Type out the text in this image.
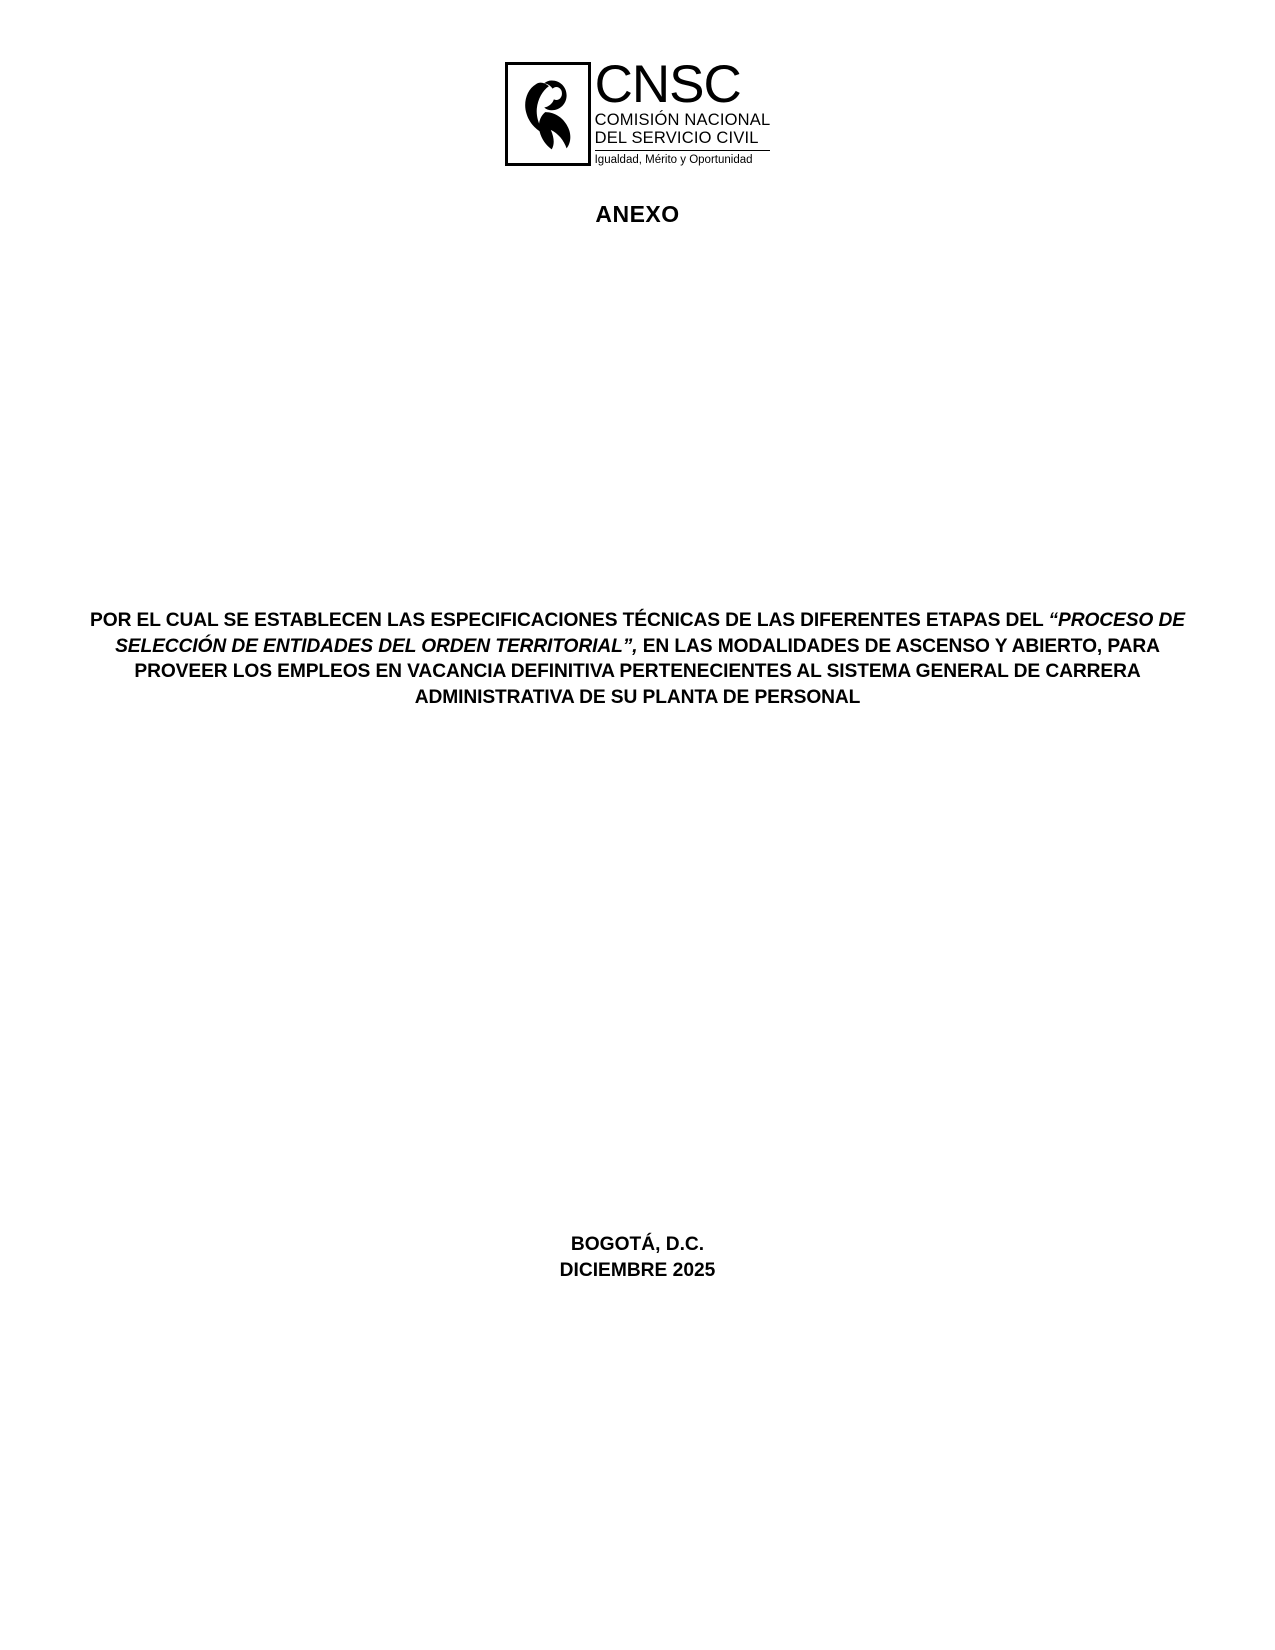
CNSC
COMISIÓN NACIONAL
DEL SERVICIO CIVIL
Igualdad, Mérito y Oportunidad
ANEXO
POR EL CUAL SE ESTABLECEN LAS ESPECIFICACIONES TÉCNICAS DE LAS DIFERENTES ETAPAS DEL “PROCESO DE SELECCIÓN DE ENTIDADES DEL ORDEN TERRITORIAL”, EN LAS MODALIDADES DE ASCENSO Y ABIERTO, PARA PROVEER LOS EMPLEOS EN VACANCIA DEFINITIVA PERTENECIENTES AL SISTEMA GENERAL DE CARRERA ADMINISTRATIVA DE SU PLANTA DE PERSONAL
BOGOTÁ, D.C.
DICIEMBRE 2025
